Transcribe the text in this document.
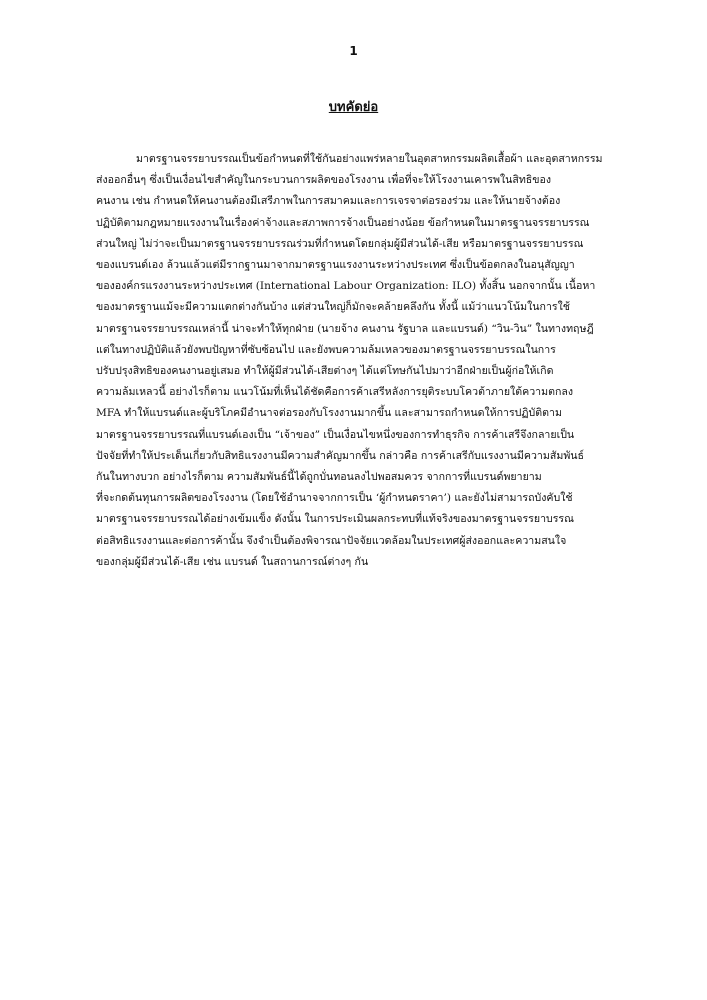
1
บทคัดย่อ
มาตรฐานจรรยาบรรณเป็นข้อกำหนดที่ใช้กันอย่างแพร่หลายในอุตสาหกรรมผลิตเสื้อผ้า และอุตสาหกรรม
ส่งออกอื่นๆ ซึ่งเป็นเงื่อนไขสำคัญในกระบวนการผลิตของโรงงาน เพื่อที่จะให้โรงงานเคารพในสิทธิของ
คนงาน เช่น กำหนดให้คนงานต้องมีเสรีภาพในการสมาคมและการเจรจาต่อรองร่วม และให้นายจ้างต้อง
ปฏิบัติตามกฎหมายแรงงานในเรื่องค่าจ้างและสภาพการจ้างเป็นอย่างน้อย ข้อกำหนดในมาตรฐานจรรยาบรรณ
ส่วนใหญ่ ไม่ว่าจะเป็นมาตรฐานจรรยาบรรณร่วมที่กำหนดโดยกลุ่มผู้มีส่วนได้-เสีย หรือมาตรฐานจรรยาบรรณ
ของแบรนด์เอง ล้วนแล้วแต่มีรากฐานมาจากมาตรฐานแรงงานระหว่างประเทศ ซึ่งเป็นข้อตกลงในอนุสัญญา
ขององค์กรแรงงานระหว่างประเทศ (International Labour Organization: ILO) ทั้งสิ้น นอกจากนั้น เนื้อหา
ของมาตรฐานแม้จะมีความแตกต่างกันบ้าง แต่ส่วนใหญ่ก็มักจะคล้ายคลึงกัน ทั้งนี้ แม้ว่าแนวโน้มในการใช้
มาตรฐานจรรยาบรรณเหล่านี้ น่าจะทำให้ทุกฝ่าย (นายจ้าง คนงาน รัฐบาล และแบรนด์) “วิน-วิน” ในทางทฤษฎี
แต่ในทางปฏิบัติแล้วยังพบปัญหาที่ซับซ้อนไป และยังพบความล้มเหลวของมาตรฐานจรรยาบรรณในการ
ปรับปรุงสิทธิของคนงานอยู่เสมอ ทำให้ผู้มีส่วนได้-เสียต่างๆ ได้แต่โทษกันไปมาว่าอีกฝ่ายเป็นผู้ก่อให้เกิด
ความล้มเหลวนี้ อย่างไรก็ตาม แนวโน้มที่เห็นได้ชัดคือการค้าเสรีหลังการยุติระบบโควต้าภายใต้ความตกลง
MFA ทำให้แบรนด์และผู้บริโภคมีอำนาจต่อรองกับโรงงานมากขึ้น และสามารถกำหนดให้การปฏิบัติตาม
มาตรฐานจรรยาบรรณที่แบรนด์เองเป็น “เจ้าของ” เป็นเงื่อนไขหนึ่งของการทำธุรกิจ การค้าเสรีจึงกลายเป็น
ปัจจัยที่ทำให้ประเด็นเกี่ยวกับสิทธิแรงงานมีความสำคัญมากขึ้น กล่าวคือ การค้าเสรีกับแรงงานมีความสัมพันธ์
กันในทางบวก อย่างไรก็ตาม ความสัมพันธ์นี้ได้ถูกบั่นทอนลงไปพอสมควร จากการที่แบรนด์พยายาม
ที่จะกดต้นทุนการผลิตของโรงงาน (โดยใช้อำนาจจากการเป็น ‘ผู้กำหนดราคา’) และยังไม่สามารถบังคับใช้
มาตรฐานจรรยาบรรณได้อย่างเข้มแข็ง ดังนั้น ในการประเมินผลกระทบที่แท้จริงของมาตรฐานจรรยาบรรณ
ต่อสิทธิแรงงานและต่อการค้านั้น จึงจำเป็นต้องพิจารณาปัจจัยแวดล้อมในประเทศผู้ส่งออกและความสนใจ
ของกลุ่มผู้มีส่วนได้-เสีย เช่น แบรนด์ ในสถานการณ์ต่างๆ กัน
